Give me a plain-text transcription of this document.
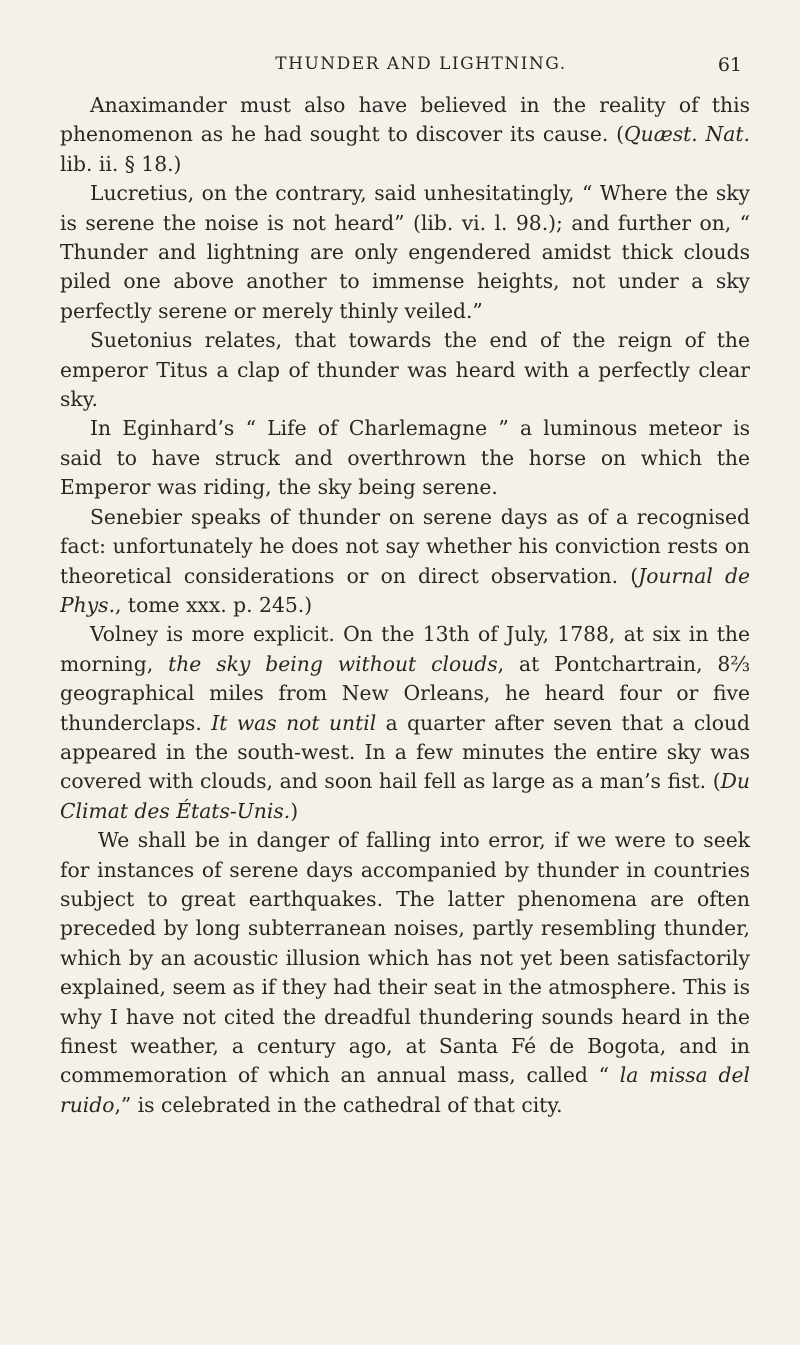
THUNDER AND LIGHTNING.	61

Anaximander must also have believed in the reality of this phenomenon as he had sought to discover its cause. (Quæst. Nat. lib. ii. § 18.)

Lucretius, on the contrary, said unhesitatingly, “ Where the sky is serene the noise is not heard” (lib. vi. l. 98.); and further on, “ Thunder and lightning are only engendered amidst thick clouds piled one above another to immense heights, not under a sky perfectly serene or merely thinly veiled.”

Suetonius relates, that towards the end of the reign of the emperor Titus a clap of thunder was heard with a perfectly clear sky.

In Eginhard’s “ Life of Charlemagne ” a luminous meteor is said to have struck and overthrown the horse on which the Emperor was riding, the sky being serene.

Senebier speaks of thunder on serene days as of a recognised fact: unfortunately he does not say whether his conviction rests on theoretical considerations or on direct observation. (Journal de Phys., tome xxx. p. 245.)

Volney is more explicit. On the 13th of July, 1788, at six in the morning, the sky being without clouds, at Pontchartrain, 8⅔ geographical miles from New Orleans, he heard four or five thunderclaps. It was not until a quarter after seven that a cloud appeared in the south-west. In a few minutes the entire sky was covered with clouds, and soon hail fell as large as a man’s fist. (Du Climat des États-Unis.)

We shall be in danger of falling into error, if we were to seek for instances of serene days accompanied by thunder in countries subject to great earthquakes. The latter phenomena are often preceded by long subterranean noises, partly resembling thunder, which by an acoustic illusion which has not yet been satisfactorily explained, seem as if they had their seat in the atmosphere. This is why I have not cited the dreadful thundering sounds heard in the finest weather, a century ago, at Santa Fé de Bogota, and in commemoration of which an annual mass, called “ la missa del ruido,” is celebrated in the cathedral of that city.
